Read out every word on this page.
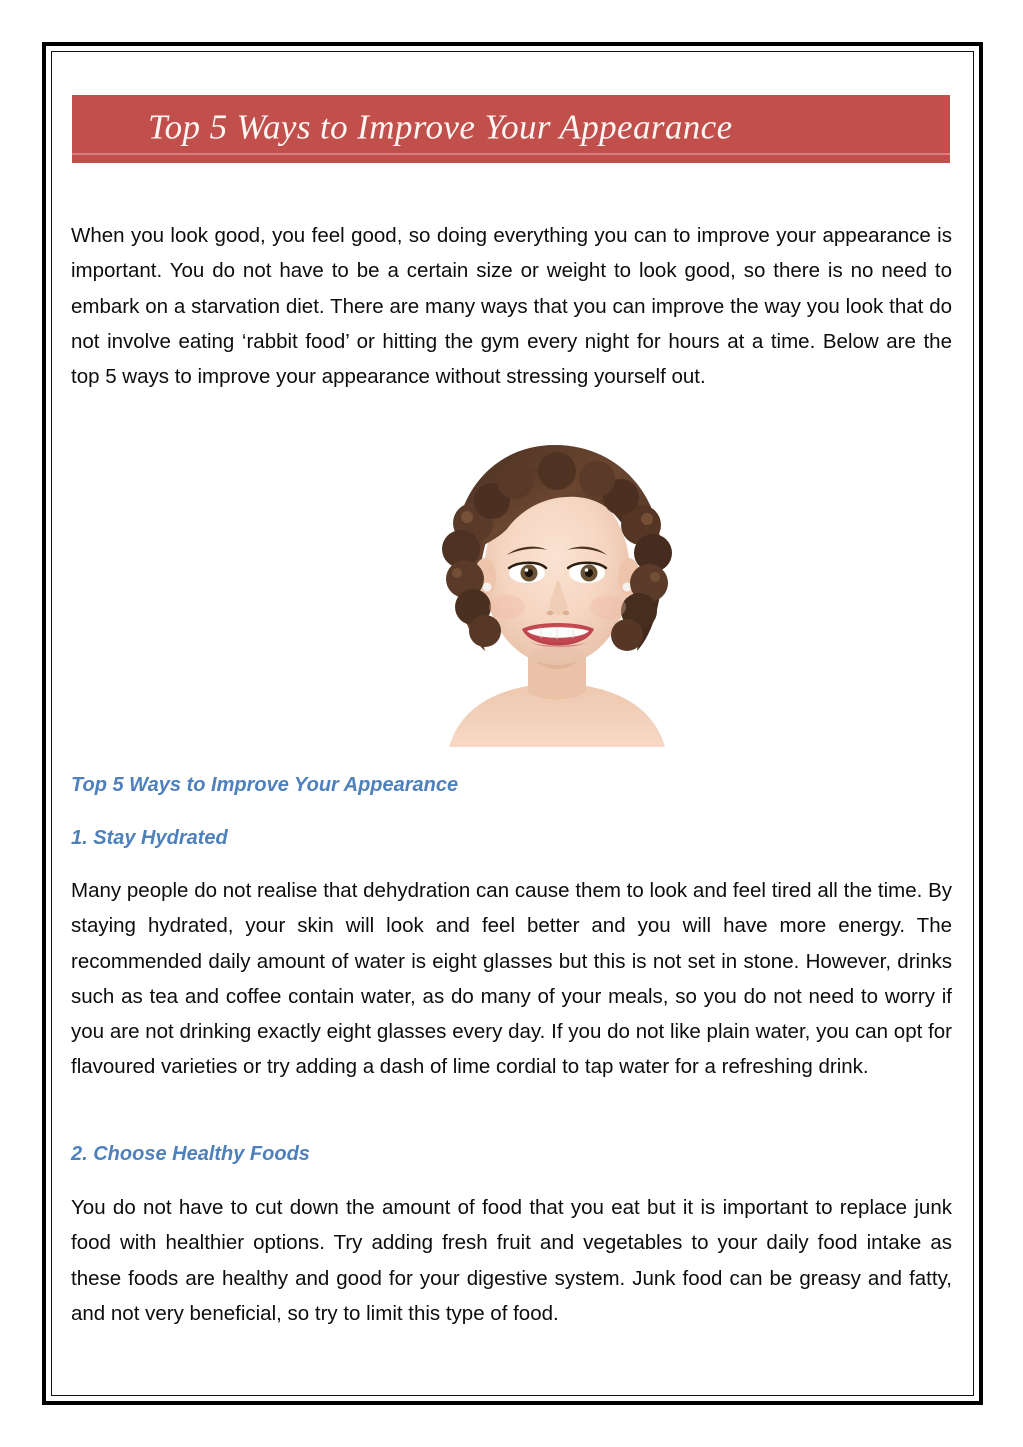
Top 5 Ways to Improve Your Appearance
When you look good, you feel good, so doing everything you can to improve your appearance is important. You do not have to be a certain size or weight to look good, so there is no need to embark on a starvation diet. There are many ways that you can improve the way you look that do not involve eating ‘rabbit food’ or hitting the gym every night for hours at a time. Below are the top 5 ways to improve your appearance without stressing yourself out.
Top 5 Ways to Improve Your Appearance
1. Stay Hydrated
Many people do not realise that dehydration can cause them to look and feel tired all the time. By staying hydrated, your skin will look and feel better and you will have more energy. The recommended daily amount of water is eight glasses but this is not set in stone. However, drinks such as tea and coffee contain water, as do many of your meals, so you do not need to worry if you are not drinking exactly eight glasses every day. If you do not like plain water, you can opt for flavoured varieties or try adding a dash of lime cordial to tap water for a refreshing drink.
2. Choose Healthy Foods
You do not have to cut down the amount of food that you eat but it is important to replace junk food with healthier options. Try adding fresh fruit and vegetables to your daily food intake as these foods are healthy and good for your digestive system. Junk food can be greasy and fatty, and not very beneficial, so try to limit this type of food.
